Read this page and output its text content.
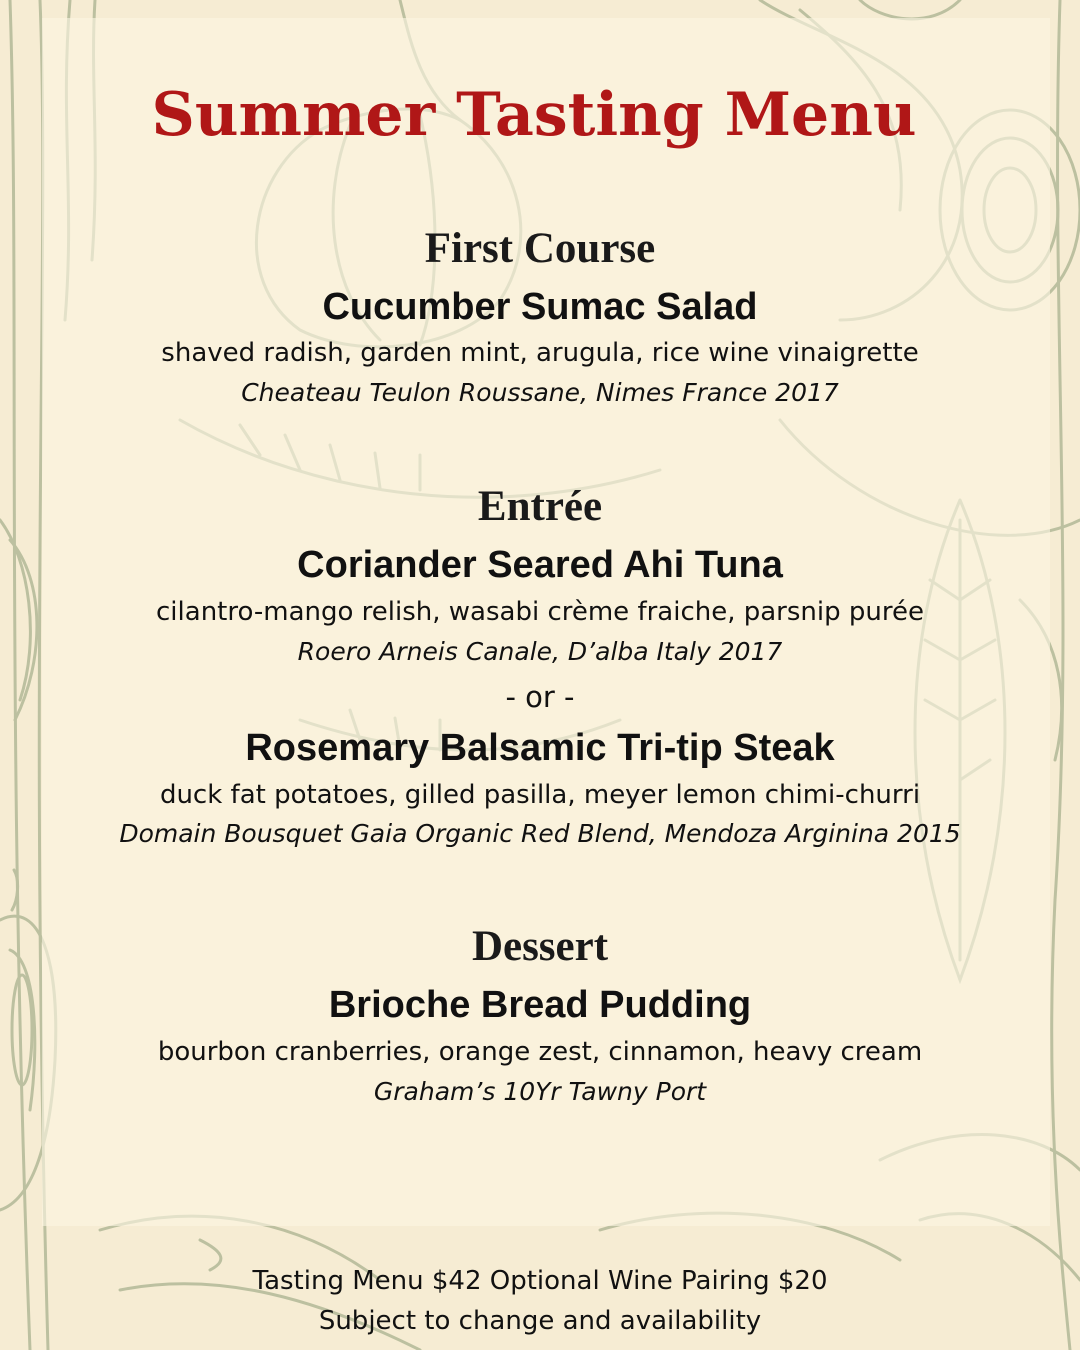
Summer Tasting Menu
First Course
Cucumber Sumac Salad

shaved radish, garden mint, arugula, rice wine vinaigrette

Cheateau Teulon Roussane, Nimes France 2017

Entrée
Coriander Seared Ahi Tuna

cilantro-mango relish, wasabi crème fraiche, parsnip purée

Roero Arneis Canale, D’alba Italy 2017

- or -

Rosemary Balsamic Tri-tip Steak

duck fat potatoes, gilled pasilla, meyer lemon chimi-churri

Domain Bousquet Gaia Organic Red Blend, Mendoza Arginina 2015

Dessert
Brioche Bread Pudding

bourbon cranberries, orange zest, cinnamon, heavy cream

Graham’s 10Yr Tawny Port

Tasting Menu $42 Optional Wine Pairing $20

Subject to change and availability
